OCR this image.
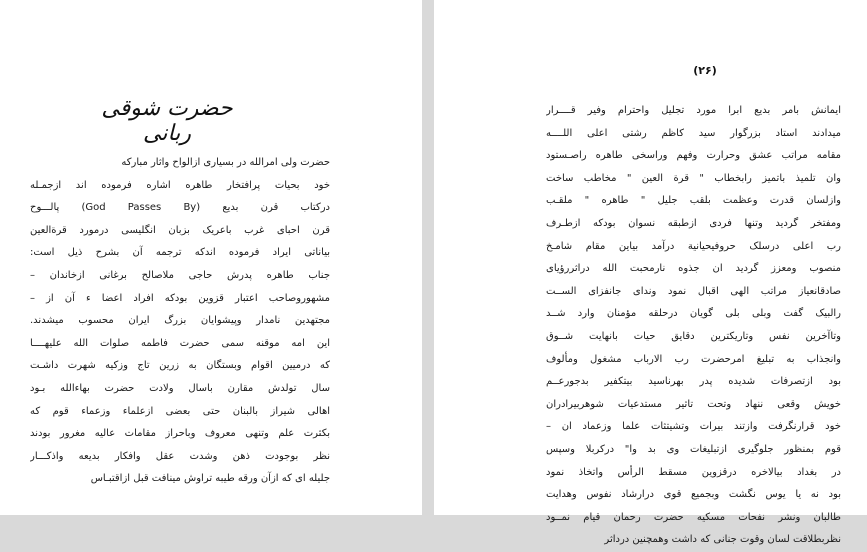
حضرت شوقی ربانی
حضرت ولی امرالله در بسیاری ازالواح واثار مبارکه
خود بحیات پرافتخار طاهره اشاره فرموده اند ازجمـله
درکتاب قرن بدیع (God Passes By) پالـــوح
قرن احبای غرب باعریک بزبان انگلیسی درمورد قرةالعین
بیاناتی ایراد فرموده اندکه ترجمه آن بشرح ذیل است:
جناب طاهره پدرش حاجی ملاصالح برغانی ازخاندان –
مشهوروصاحب اعتبار قزوین بودکه افراد اعضا ء آن از –
مجتهدین نامدار وپیشوایان بزرگ ایران محسوب میشدند.
این امه موقنه سمی حضرت فاطمه صلوات الله علیهــــا
که درمیین اقوام وبستگان به زرین تاج وزکیه شهرت داشـت
سال تولدش مقارن باسال ولادت حضرت بهاءالله بـود
اهالی شیراز بالبنان حتی بعضی ازعلماء وزعماء قوم که
بکثرت علم وتنهی معروف وباحراز مقامات عالیه مغرور بودند
نظر بوجودت ذهن وشدت عقل وافکار بدیعه واذکـــار
جلیله ای که ازآن ورقه طیبه تراوش مینافت قبل ازاقتبـاس
(۲۶)
ایمانش بامر بدیع ابرا مورد تجلیل واحترام وفیر قــــرار
میدادند استاد بزرگوار سید کاظم رشتی اعلی اللــــه
مقامه مراتب عشق وحرارت وفهم وراسخی طاهره راصـستود
وان تلمیذ باتمیز رابخطاب " قرة العین " مخاطب ساخت
وازلسان قدرت وعظمت بلقب جلیل " طاهره " ملقـب
ومفتخر گردید وتنها فردی ازطبقه نسوان بودکه ازطـرف
رب اعلی درسلک حروفیحیانیة درآمد بیاین مقام شامـخ
منصوب ومعزز گردید ان جذوه نارمحبت الله دراثررؤیای
صادقانعیاز مراتب الهی اقبال نمود وندای جانفزای الســت
رالبیک گفت وبلی بلی گویان درحلقه مؤمنان وارد شــد
وتاآخرین نفس وتاریکترین دقایق حیات بانهایت شــوق
وانجذاب به تبلیغ امرحضرت رب الارباب مشغول ومألوف
بود ازتصرفات شدیده پدر بهرناسید بیتکفیر بدجورعــم
خویش وقعی ننهاد وتحت تاثیر مستدعیات شوهربیرادران
خود قرارنگرفت وازتند بیرات وتشیتثات علما وزعماد ان –
قوم بمنظور جلوگیری ازتبلیغات وی بد وا" درکربلا وسپس
در بغداد بیالاخره درقزوین مسقط الرأس واتخاذ نمود
بود نه یا یوس نگشت وبجمیع قوی درارشاد نفوس وهدایت
طالبان ونشر نفحات مسکیه حضرت رحمان قیام نمــود
نظربطلاقت لسان وقوت جنانی که داشت وهمچنین درداثر
